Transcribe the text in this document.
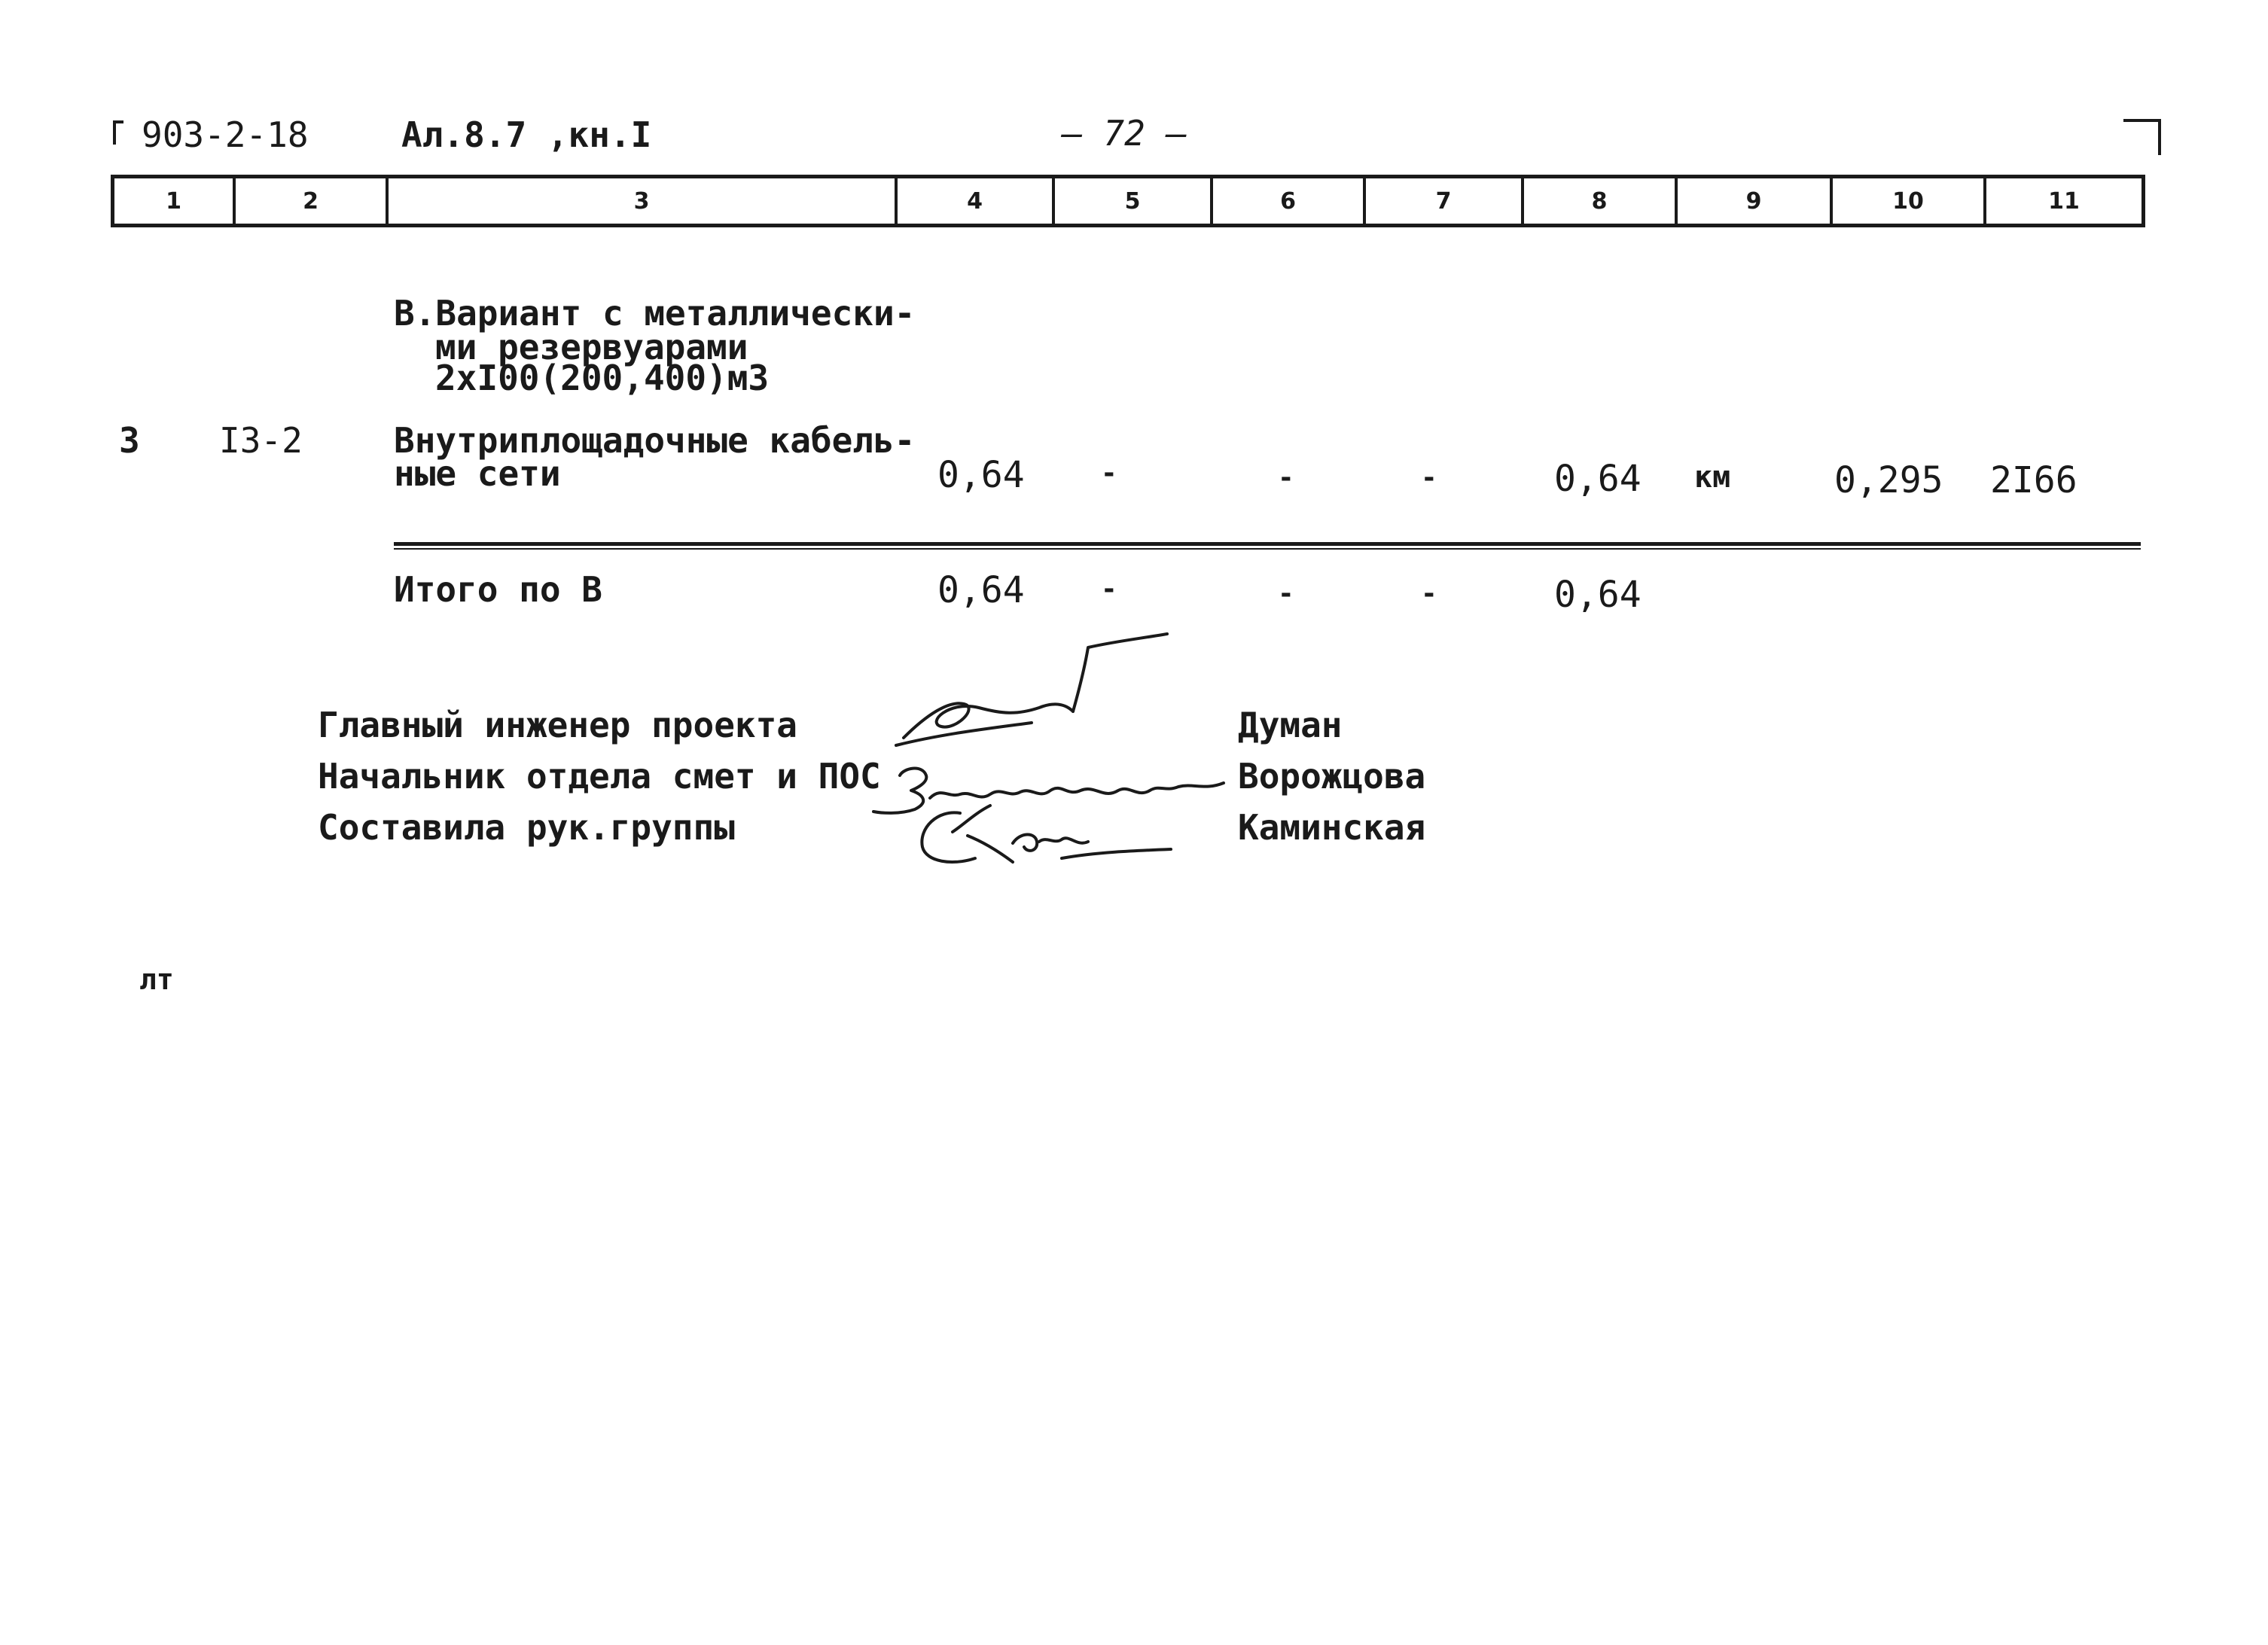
903-2-18	Ал.8.7 ,кн.I	— 72 —
1	2	3	4	5	6	7	8	9	10	11
В.Вариант с металлически-
ми резервуарами
2хI00(200,400)м3
3 I3-2	Внутриплощадочные кабель-
ные сети	0,64	-	-	-	0,64 км	0,295 2I66
Итого по В	0,64	-	-	-	0,64
Главный инженер проекта
Начальник отдела смет и ПОС
Составила рук.группы
Думан
Ворожцова
Каминская
лт
